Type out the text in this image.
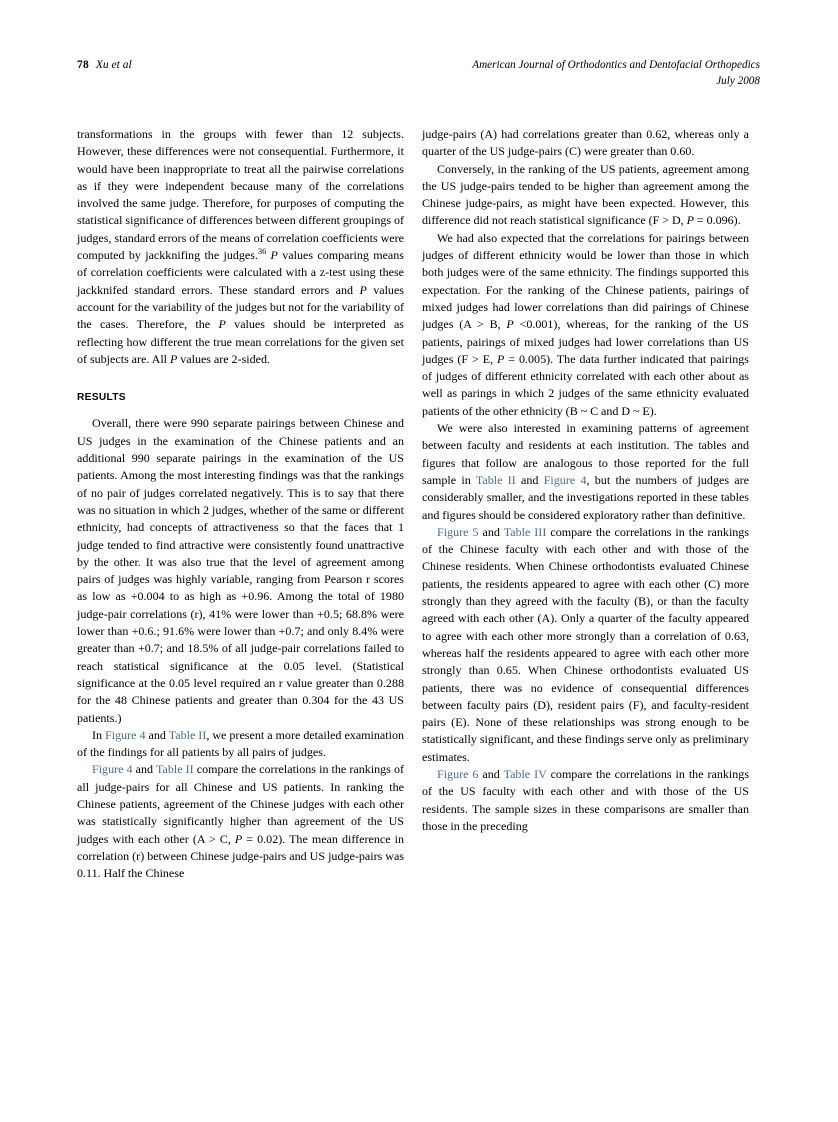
78 Xu et al	American Journal of Orthodontics and Dentofacial Orthopedics
July 2008

transformations in the groups with fewer than 12 subjects. However, these differences were not consequential. Furthermore, it would have been inappropriate to treat all the pairwise correlations as if they were independent because many of the correlations involved the same judge. Therefore, for purposes of computing the statistical significance of differences between different groupings of judges, standard errors of the means of correlation coefficients were computed by jackknifing the judges.$^{36}$ P values comparing means of correlation coefficients were calculated with a z-test using these jackknifed standard errors. These standard errors and P values account for the variability of the judges but not for the variability of the cases. Therefore, the P values should be interpreted as reflecting how different the true mean correlations for the given set of subjects are. All P values are 2-sided.

RESULTS

Overall, there were 990 separate pairings between Chinese and US judges in the examination of the Chinese patients and an additional 990 separate pairings in the examination of the US patients. Among the most interesting findings was that the rankings of no pair of judges correlated negatively. This is to say that there was no situation in which 2 judges, whether of the same or different ethnicity, had concepts of attractiveness so that the faces that 1 judge tended to find attractive were consistently found unattractive by the other. It was also true that the level of agreement among pairs of judges was highly variable, ranging from Pearson r scores as low as +0.004 to as high as +0.96. Among the total of 1980 judge-pair correlations (r), 41% were lower than +0.5; 68.8% were lower than +0.6.; 91.6% were lower than +0.7; and only 8.4% were greater than +0.7; and 18.5% of all judge-pair correlations failed to reach statistical significance at the 0.05 level. (Statistical significance at the 0.05 level required an r value greater than 0.288 for the 48 Chinese patients and greater than 0.304 for the 43 US patients.)

In Figure 4 and Table II, we present a more detailed examination of the findings for all patients by all pairs of judges.

Figure 4 and Table II compare the correlations in the rankings of all judge-pairs for all Chinese and US patients. In ranking the Chinese patients, agreement of the Chinese judges with each other was statistically significantly higher than agreement of the US judges with each other (A > C, P = 0.02). The mean difference in correlation (r) between Chinese judge-pairs and US judge-pairs was 0.11. Half the Chinese

judge-pairs (A) had correlations greater than 0.62, whereas only a quarter of the US judge-pairs (C) were greater than 0.60.

Conversely, in the ranking of the US patients, agreement among the US judge-pairs tended to be higher than agreement among the Chinese judge-pairs, as might have been expected. However, this difference did not reach statistical significance (F > D, P = 0.096).

We had also expected that the correlations for pairings between judges of different ethnicity would be lower than those in which both judges were of the same ethnicity. The findings supported this expectation. For the ranking of the Chinese patients, pairings of mixed judges had lower correlations than did pairings of Chinese judges (A > B, P <0.001), whereas, for the ranking of the US patients, pairings of mixed judges had lower correlations than US judges (F > E, P = 0.005). The data further indicated that pairings of judges of different ethnicity correlated with each other about as well as parings in which 2 judges of the same ethnicity evaluated patients of the other ethnicity (B ~ C and D ~ E).

We were also interested in examining patterns of agreement between faculty and residents at each institution. The tables and figures that follow are analogous to those reported for the full sample in Table II and Figure 4, but the numbers of judges are considerably smaller, and the investigations reported in these tables and figures should be considered exploratory rather than definitive.

Figure 5 and Table III compare the correlations in the rankings of the Chinese faculty with each other and with those of the Chinese residents. When Chinese orthodontists evaluated Chinese patients, the residents appeared to agree with each other (C) more strongly than they agreed with the faculty (B), or than the faculty agreed with each other (A). Only a quarter of the faculty appeared to agree with each other more strongly than a correlation of 0.63, whereas half the residents appeared to agree with each other more strongly than 0.65. When Chinese orthodontists evaluated US patients, there was no evidence of consequential differences between faculty pairs (D), resident pairs (F), and faculty-resident pairs (E). None of these relationships was strong enough to be statistically significant, and these findings serve only as preliminary estimates.

Figure 6 and Table IV compare the correlations in the rankings of the US faculty with each other and with those of the US residents. The sample sizes in these comparisons are smaller than those in the preceding
